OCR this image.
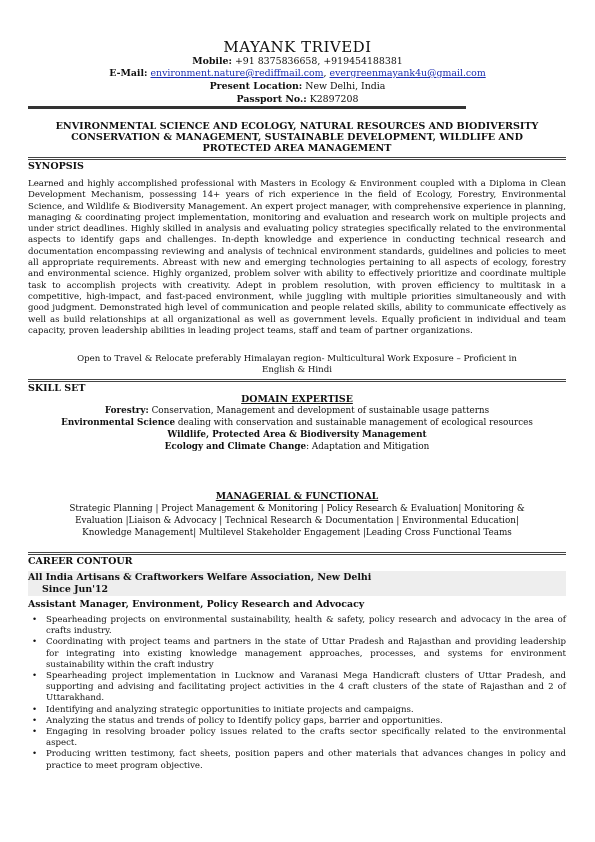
MAYANK TRIVEDI
Mobile: +91 8375836658, +919454188381
E-Mail: environment.nature@rediffmail.com, evergreenmayank4u@gmail.com
Present Location: New Delhi, India
Passport No.: K2897208
ENVIRONMENTAL SCIENCE AND ECOLOGY, NATURAL RESOURCES AND BIODIVERSITY
CONSERVATION & MANAGEMENT, SUSTAINABLE DEVELOPMENT, WILDLIFE AND
PROTECTED AREA MANAGEMENT
SYNOPSIS
Learned and highly accomplished professional with Masters in Ecology & Environment coupled with a Diploma in Clean Development Mechanism, possessing 14+ years of rich experience in the field of Ecology, Forestry, Environmental Science, and Wildlife & Biodiversity Management. An expert project manager, with comprehensive experience in planning, managing & coordinating project implementation, monitoring and evaluation and research work on multiple projects and under strict deadlines. Highly skilled in analysis and evaluating policy strategies specifically related to the environmental aspects to identify gaps and challenges. In-depth knowledge and experience in conducting technical research and documentation encompassing reviewing and analysis of technical environment standards, guidelines and policies to meet all appropriate requirements. Abreast with new and emerging technologies pertaining to all aspects of ecology, forestry and environmental science. Highly organized, problem solver with ability to effectively prioritize and coordinate multiple task to accomplish projects with creativity. Adept in problem resolution, with proven efficiency to multitask in a competitive, high-impact, and fast-paced environment, while juggling with multiple priorities simultaneously and with good judgment. Demonstrated high level of communication and people related skills, ability to communicate effectively as well as build relationships at all organizational as well as government levels. Equally proficient in individual and team capacity, proven leadership abilities in leading project teams, staff and team of partner organizations.
Open to Travel & Relocate preferably Himalayan region- Multicultural Work Exposure – Proficient in
English & Hindi
SKILL SET
DOMAIN EXPERTISE
Forestry: Conservation, Management and development of sustainable usage patterns
Environmental Science dealing with conservation and sustainable management of ecological resources
Wildlife, Protected Area & Biodiversity Management
Ecology and Climate Change: Adaptation and Mitigation
MANAGERIAL & FUNCTIONAL
Strategic Planning | Project Management & Monitoring | Policy Research & Evaluation| Monitoring &
Evaluation |Liaison & Advocacy | Technical Research & Documentation | Environmental Education|
Knowledge Management| Multilevel Stakeholder Engagement |Leading Cross Functional Teams
CAREER CONTOUR
All India Artisans & Craftworkers Welfare Association, New Delhi
Since Jun'12
Assistant Manager, Environment, Policy Research and Advocacy
• Spearheading projects on environmental sustainability, health & safety, policy research and advocacy in the area of crafts industry.
• Coordinating with project teams and partners in the state of Uttar Pradesh and Rajasthan and providing leadership for integrating into existing knowledge management approaches, processes, and systems for environment sustainability within the craft industry
• Spearheading project implementation in Lucknow and Varanasi Mega Handicraft clusters of Uttar Pradesh, and supporting and advising and facilitating project activities in the 4 craft clusters of the state of Rajasthan and 2 of Uttarakhand.
• Identifying and analyzing strategic opportunities to initiate projects and campaigns.
• Analyzing the status and trends of policy to Identify policy gaps, barrier and opportunities.
• Engaging in resolving broader policy issues related to the crafts sector specifically related to the environmental aspect.
• Producing written testimony, fact sheets, position papers and other materials that advances changes in policy and practice to meet program objective.
